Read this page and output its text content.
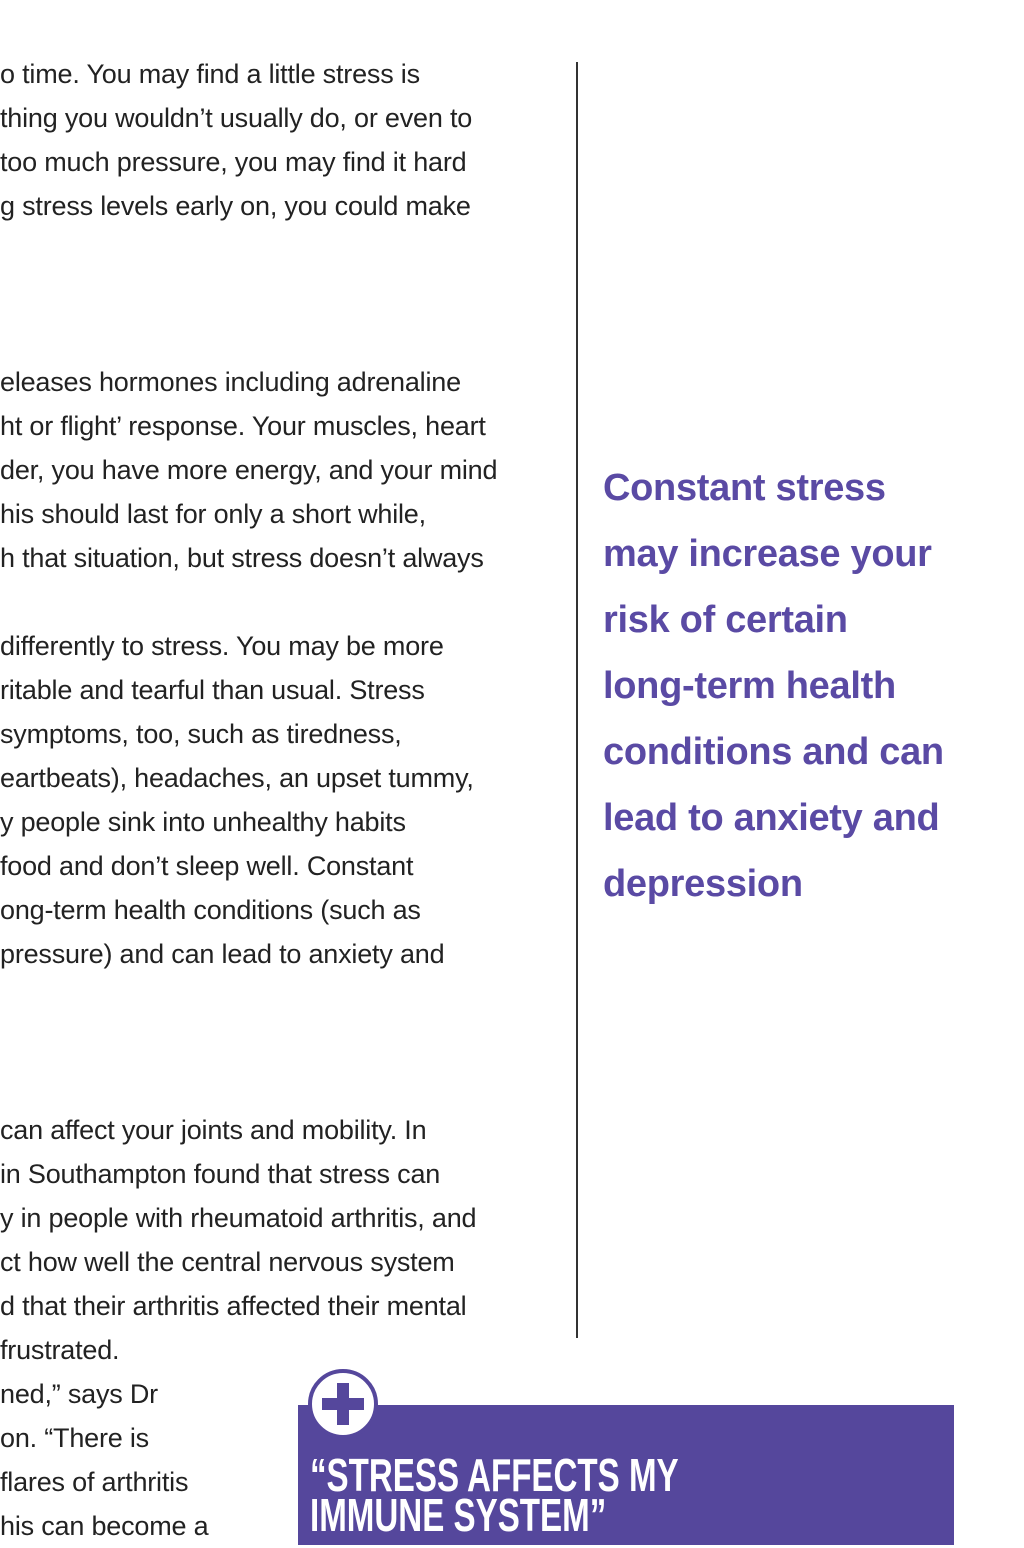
o time. You may find a little stress is
thing you wouldn’t usually do, or even to
too much pressure, you may find it hard
g stress levels early on, you could make
eleases hormones including adrenaline
ht or flight’ response. Your muscles, heart
der, you have more energy, and your mind
his should last for only a short while,
h that situation, but stress doesn’t always
differently to stress. You may be more
ritable and tearful than usual. Stress
symptoms, too, such as tiredness,
eartbeats), headaches, an upset tummy,
y people sink into unhealthy habits
food and don’t sleep well. Constant
ong-term health conditions (such as
pressure) and can lead to anxiety and
can affect your joints and mobility. In
in Southampton found that stress can
y in people with rheumatoid arthritis, and
ct how well the central nervous system
d that their arthritis affected their mental
frustrated.
ned,” says Dr
on. “There is
flares of arthritis
his can become a
Constant stress
may increase your
risk of certain
long-term health
conditions and can
lead to anxiety and
depression
“STRESS AFFECTS MY
IMMUNE SYSTEM”
